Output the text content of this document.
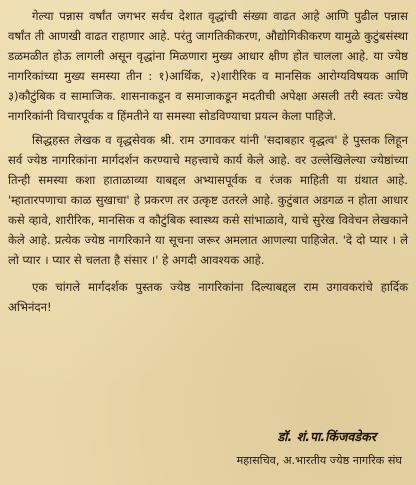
गेल्या पन्नास वर्षांत जगभर सर्वच देशात वृद्धांची संख्या वाढत आहे आणि पुढील पन्नास वर्षांत ती आणखी वाढत राहाणार आहे. परंतु जागतिकीकरण, औद्योगिकीकरण यामुळे कुटुंबसंस्था डळमळीत होऊ लागली असून वृद्धांना मिळणारा मुख्य आधार क्षीण होत चालला आहे. या ज्येष्ठ नागरिकांच्या मुख्य समस्या तीन : १)आर्थिक, २)शारीरिक व मानसिक आरोग्यविषयक आणि ३)कौटुंबिक व सामाजिक. शासनाकडून व समाजाकडून मदतीची अपेक्षा असली तरी स्वतः ज्येष्ठ नागरिकांनी विचारपूर्वक व हिंमतीने या समस्या सोडविण्याचा प्रयत्न केला पाहिजे.

सिद्धहस्त लेखक व वृद्धसेवक श्री. राम उगावकर यांनी 'सदाबहार वृद्धत्व' हे पुस्तक लिहून सर्व ज्येष्ठ नागरिकांना मार्गदर्शन करण्याचे महत्त्वाचे कार्य केले आहे. वर उल्लेखिलेल्या ज्येष्ठांच्या तिन्ही समस्या कशा हाताळाव्या याबद्दल अभ्यासपूर्वक व रंजक माहिती या ग्रंथात आहे. 'म्हातारपणाचा काळ सुखाचा' हे प्रकरण तर उत्कृष्ट उतरले आहे. कुटुंबात अडगळ न होता आधार कसे व्हावे, शारीरिक, मानसिक व कौटुंबिक स्वास्थ्य कसे सांभाळावे, याचे सुरेख विवेचन लेखकाने केले आहे. प्रत्येक ज्येष्ठ नागरिकाने या सूचना जरूर अमलात आणल्या पाहिजेत. 'दे दो प्यार । ले लो प्यार । प्यार से चलता है संसार ।' हे अगदी आवश्यक आहे.

एक चांगले मार्गदर्शक पुस्तक ज्येष्ठ नागरिकांना दिल्याबद्दल राम उगावकरांचे हार्दिक अभिनंदन!

डॉ. शं.पा.किंजवडेकर
महासचिव, अ.भारतीय ज्येष्ठ नागरिक संघ
